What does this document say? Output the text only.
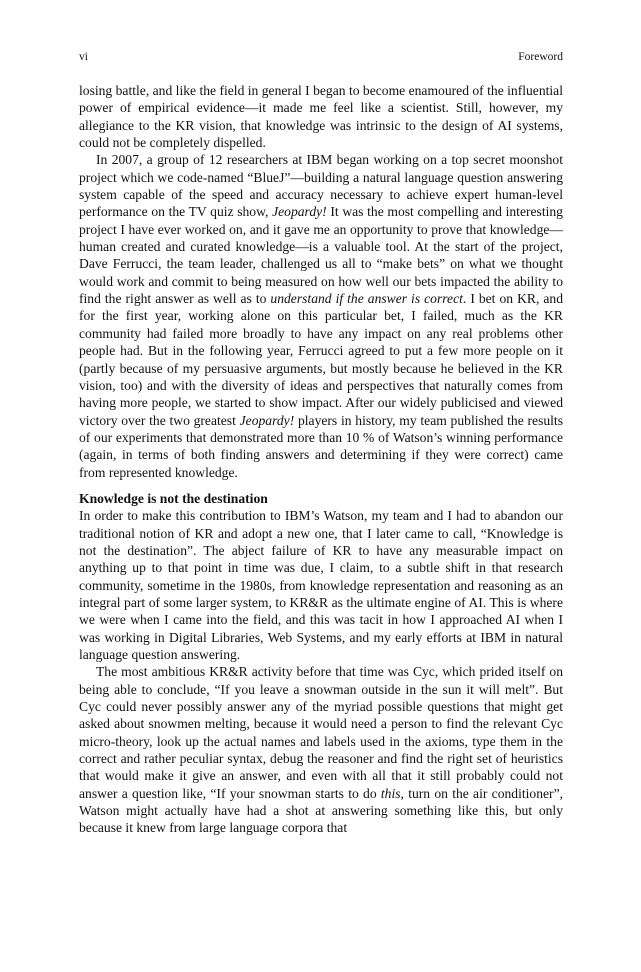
vi	Foreword

losing battle, and like the field in general I began to become enamoured of the influential power of empirical evidence—it made me feel like a scientist. Still, however, my allegiance to the KR vision, that knowledge was intrinsic to the design of AI systems, could not be completely dispelled.

In 2007, a group of 12 researchers at IBM began working on a top secret moonshot project which we code-named “BlueJ”—building a natural language question answering system capable of the speed and accuracy necessary to achieve expert human-level performance on the TV quiz show, Jeopardy! It was the most compelling and interesting project I have ever worked on, and it gave me an opportunity to prove that knowledge—human created and curated knowledge—is a valuable tool. At the start of the project, Dave Ferrucci, the team leader, challenged us all to “make bets” on what we thought would work and commit to being measured on how well our bets impacted the ability to find the right answer as well as to understand if the answer is correct. I bet on KR, and for the first year, working alone on this particular bet, I failed, much as the KR community had failed more broadly to have any impact on any real problems other people had. But in the following year, Ferrucci agreed to put a few more people on it (partly because of my persuasive arguments, but mostly because he believed in the KR vision, too) and with the diversity of ideas and perspectives that naturally comes from having more people, we started to show impact. After our widely publicised and viewed victory over the two greatest Jeopardy! players in history, my team published the results of our experiments that demonstrated more than 10 % of Watson’s winning performance (again, in terms of both finding answers and determining if they were correct) came from represented knowledge.

Knowledge is not the destination

In order to make this contribution to IBM’s Watson, my team and I had to abandon our traditional notion of KR and adopt a new one, that I later came to call, “Knowledge is not the destination”. The abject failure of KR to have any measurable impact on anything up to that point in time was due, I claim, to a subtle shift in that research community, sometime in the 1980s, from knowledge representation and reasoning as an integral part of some larger system, to KR&R as the ultimate engine of AI. This is where we were when I came into the field, and this was tacit in how I approached AI when I was working in Digital Libraries, Web Systems, and my early efforts at IBM in natural language question answering.

The most ambitious KR&R activity before that time was Cyc, which prided itself on being able to conclude, “If you leave a snowman outside in the sun it will melt”. But Cyc could never possibly answer any of the myriad possible questions that might get asked about snowmen melting, because it would need a person to find the relevant Cyc micro-theory, look up the actual names and labels used in the axioms, type them in the correct and rather peculiar syntax, debug the reasoner and find the right set of heuristics that would make it give an answer, and even with all that it still probably could not answer a question like, “If your snowman starts to do this, turn on the air conditioner”, Watson might actually have had a shot at answering something like this, but only because it knew from large language corpora that
